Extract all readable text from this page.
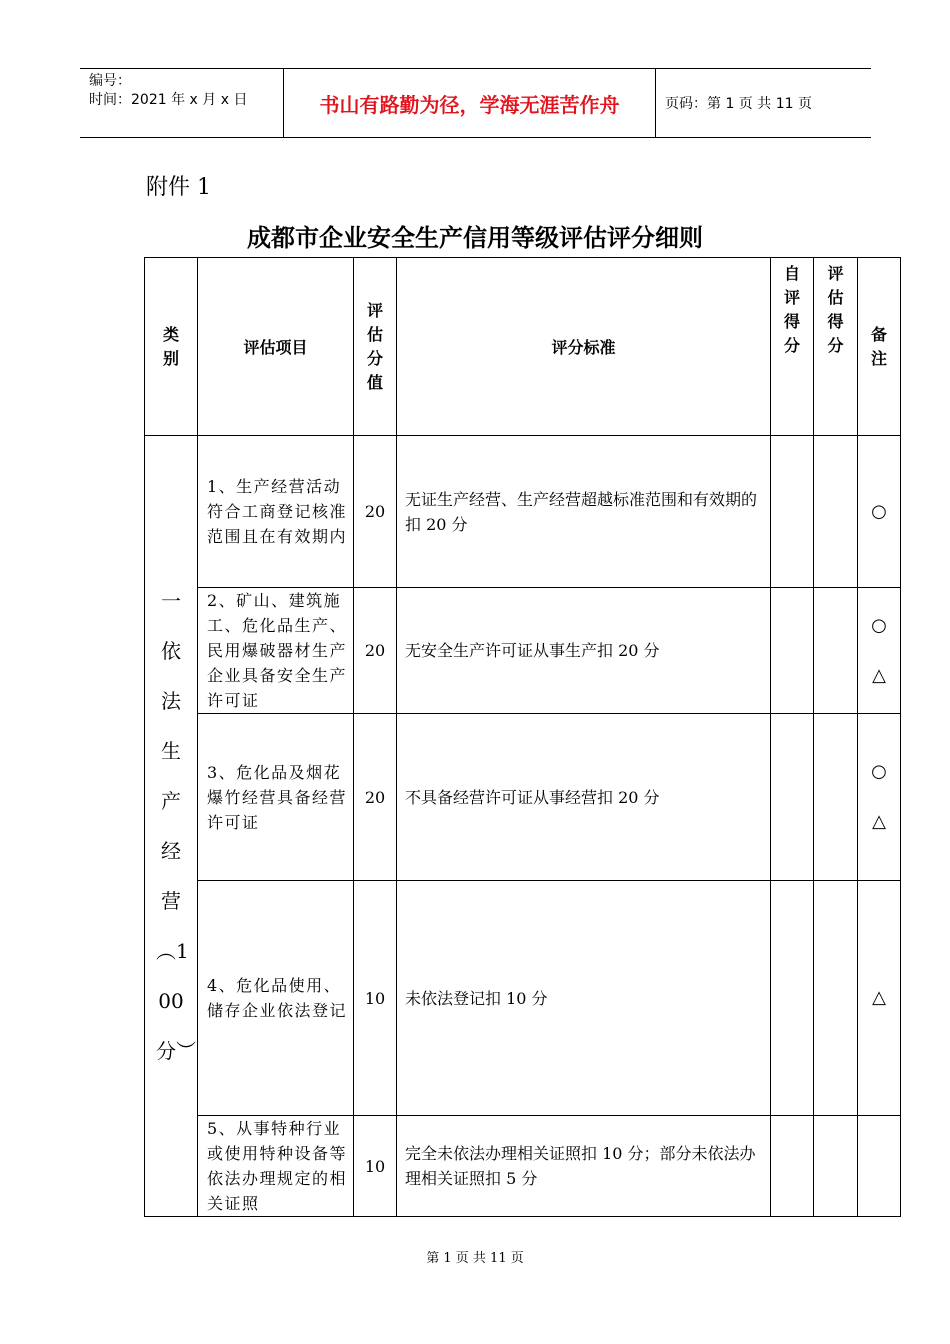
编号：
时间：2021 年 x 月 x 日	书山有路勤为径，学海无涯苦作舟	页码：第 1 页 共 11 页
附件 1
成都市企业安全生产信用等级评估评分细则
类别	评估项目	评估分值	评分标准	自评得分	评估得分	备注
一依法生产经营︵100分︶	1、生产经营活动符合工商登记核准范围且在有效期内	20	无证生产经营、生产经营超越标准范围和有效期的扣 20 分			○
	2、矿山、建筑施工、危化品生产、民用爆破器材生产企业具备安全生产许可证	20	无安全生产许可证从事生产扣 20 分			○△
	3、危化品及烟花爆竹经营具备经营许可证	20	不具备经营许可证从事经营扣 20 分			○△
	4、危化品使用、储存企业依法登记	10	未依法登记扣 10 分			△
	5、从事特种行业或使用特种设备等依法办理规定的相关证照	10	完全未依法办理相关证照扣 10 分；部分未依法办理相关证照扣 5 分			
第 1 页 共 11 页
